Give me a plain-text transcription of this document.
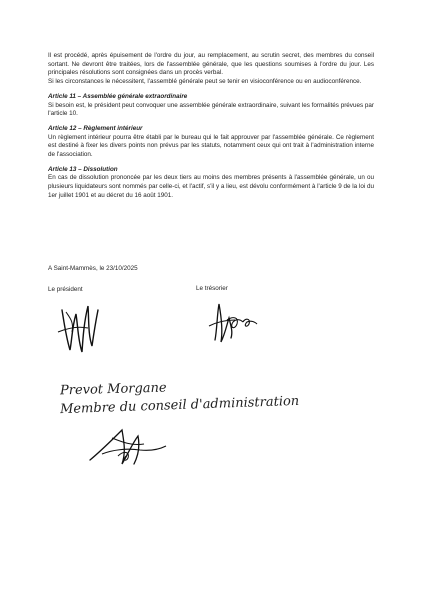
Il est procédé, après épuisement de l'ordre du jour, au remplacement, au scrutin secret, des membres du conseil sortant. Ne devront être traitées, lors de l'assemblée générale, que les questions soumises à l'ordre du jour. Les principales résolutions sont consignées dans un procès verbal.

Si les circonstances le nécessitent, l'assemblé générale peut se tenir en visioconférence ou en audioconférence.

Article 11 – Assemblée générale extraordinaire

Si besoin est, le président peut convoquer une assemblée générale extraordinaire, suivant les formalités prévues par l'article 10.

Article 12 – Règlement intérieur

Un règlement intérieur pourra être établi par le bureau qui le fait approuver par l'assemblée générale. Ce règlement est destiné à fixer les divers points non prévus par les statuts, notamment ceux qui ont trait à l'administration interne de l'association.

Article 13 – Dissolution

En cas de dissolution prononcée par les deux tiers au moins des membres présents à l'assemblée générale, un ou plusieurs liquidateurs sont nommés par celle-ci, et l'actif, s'il y a lieu, est dévolu conformément à l'article 9 de la loi du 1er juillet 1901 et au décret du 16 août 1901.

A Saint-Mammès, le 23/10/2025
Le président	Le trésorier
Prevot Morgane
Membre du conseil d'administration
